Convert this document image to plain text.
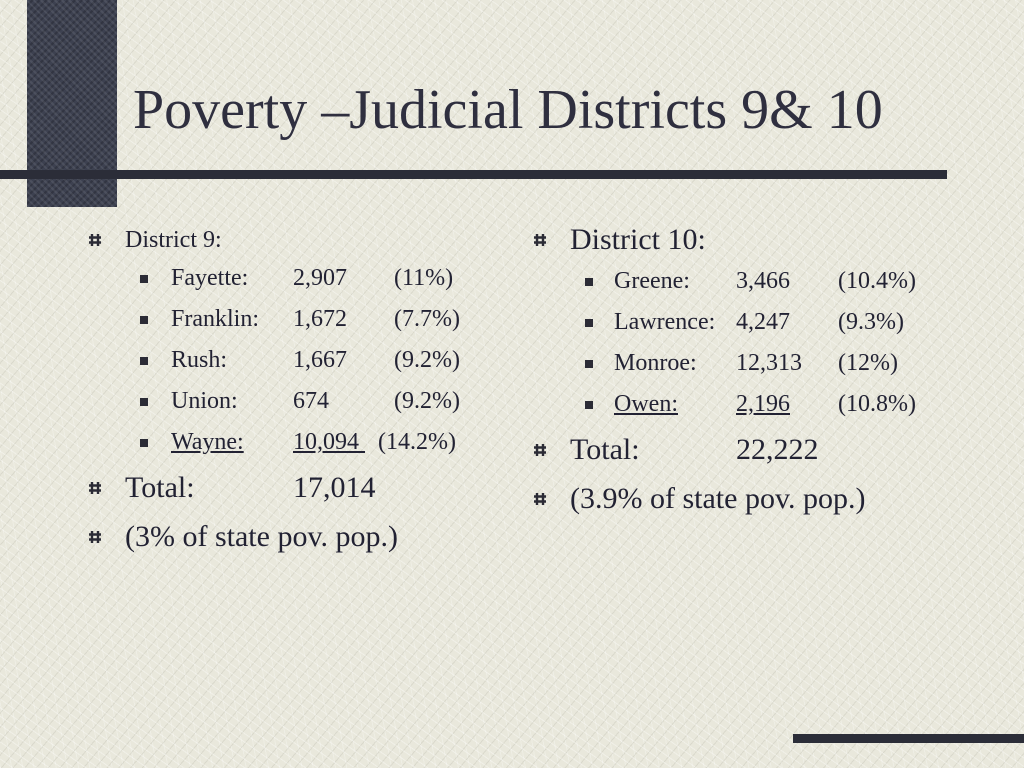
Poverty –Judicial Districts 9& 10
District 9:
Fayette: 2,907 (11%)
Franklin: 1,672 (7.7%)
Rush:	1,667 (9.2%)
Union: 674	(9.2%)
Wayne: 10,094 (14.2%)
Total:	17,014
(3% of state pov. pop.)
District 10:
Greene: 3,466 (10.4%)
Lawrence: 4,247 (9.3%)
Monroe: 12,313 (12%)
Owen: 2,196 (10.8%)
Total:	22,222
(3.9% of state pov. pop.)
